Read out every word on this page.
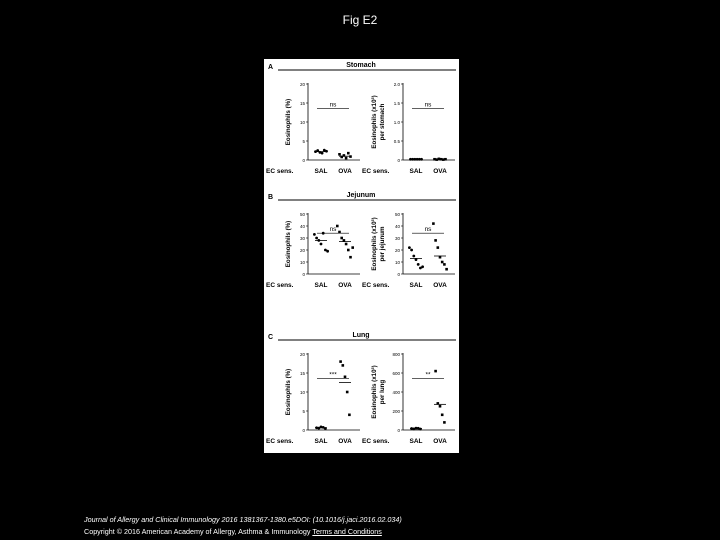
Fig E2
A	Stomach
B	Jejunum
C	Lung
0
5
10
15
20
Eosinophils (%)
SAL OVA
ns
EC sens.
0
0.5
1.0
1.5
2.0
Eosinophils (x10³) per stomach
SAL OVA
ns
EC sens.
0
10
20
30
40
50
Eosinophils (%)
SAL OVA
ns
EC sens.
0
10
20
30
40
50
Eosinophils (x10³) per jejunum
SAL OVA
ns
EC sens.
0
5
10
15
20
Eosinophils (%)
SAL OVA
***
EC sens.
0
200
400
600
800
Eosinophils (x10³) per lung
SAL OVA
**
EC sens.
Journal of Allergy and Clinical Immunology 2016 1381367-1380.e5DOI: (10.1016/j.jaci.2016.02.034)
Copyright © 2016 American Academy of Allergy, Asthma & Immunology Terms and Conditions
